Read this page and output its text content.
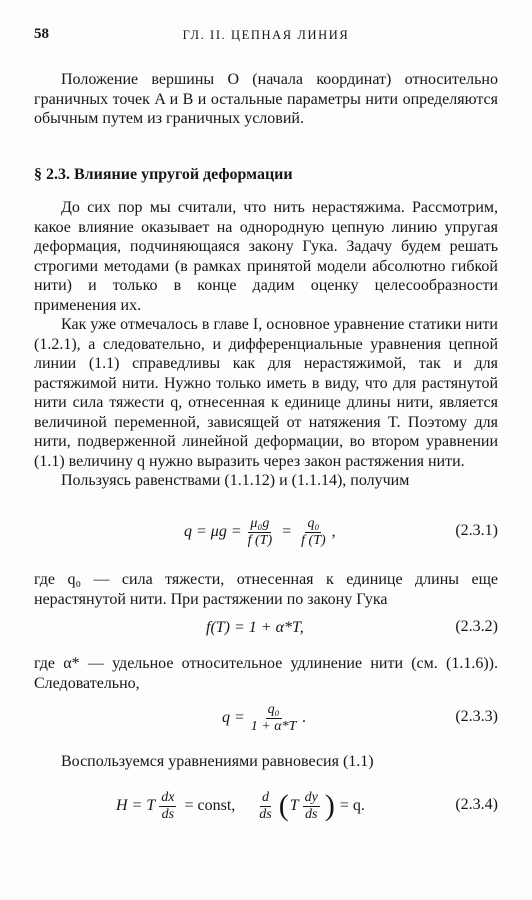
58	ГЛ. II. ЦЕПНАЯ ЛИНИЯ

Положение вершины O (начала координат) относительно граничных точек A и B и остальные параметры нити определяются обычным путем из граничных условий.

§ 2.3. Влияние упругой деформации

До сих пор мы считали, что нить нерастяжима. Рассмотрим, какое влияние оказывает на однородную цепную линию упругая деформация, подчиняющаяся закону Гука. Задачу будем решать строгими методами (в рамках принятой модели абсолютно гибкой нити) и только в конце дадим оценку целесообразности применения их.

Как уже отмечалось в главе I, основное уравнение статики нити (1.2.1), а следовательно, и дифференциальные уравнения цепной линии (1.1) справедливы как для нерастяжимой, так и для растяжимой нити. Нужно только иметь в виду, что для растянутой нити сила тяжести q, отнесенная к единице длины нити, является величиной переменной, зависящей от натяжения T. Поэтому для нити, подверженной линейной деформации, во втором уравнении (1.1) величину q нужно выразить через закон растяжения нити.

Пользуясь равенствами (1.1.12) и (1.1.14), получим

$q = \mu g = \frac{\text{μ₀g}}{f (T)} = \frac{\text{q₀}}{f (T)}$ ,	(2.3.1)

где q₀ — сила тяжести, отнесенная к единице длины еще нерастянутой нити. При растяжении по закону Гука

f(T) = 1 + α*T,	(2.3.2)

где α* — удельное относительное удлинение нити (см. (1.1.6)). Следовательно,

$q = \frac{\text{q₀}}{1 + \alpha*T}$ .	(2.3.3)

Воспользуемся уравнениями равновесия (1.1)

H = T $\frac{dx}{ds}$ = const, $\frac{d}{ds}$ ( T $\frac{dy}{ds}$ ) = q.	(2.3.4)
